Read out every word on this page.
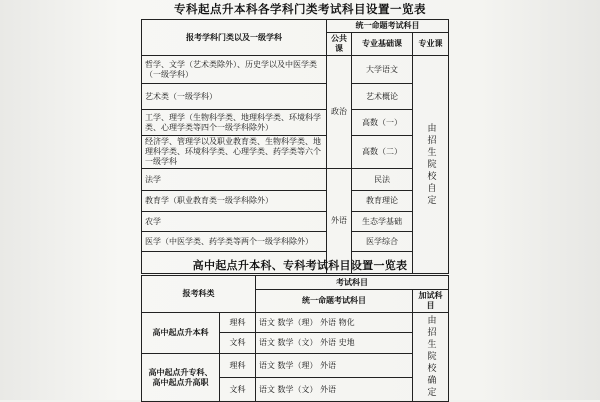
专科起点升本科各学科门类考试科目设置一览表
报考学科门类以及一级学科	统一命题考试科目		
	公共课	专业基础课	专业课
哲学、文学（艺术类除外）、历史学以及中医学类（一级学科）	政治	大学语文	由招生院校自定
艺术类（一级学科）		艺术概论	
工学、理学（生物科学类、地理科学类、环境科学类、心理学类等四个一级学科除外）		高数（一）	
经济学、管理学以及职业教育类、生物科学类、地理科学类、环境科学类、心理学类、药学类等六个一级学科		高数（二）	
法学	外语	民法	
教育学（职业教育类一级学科除外）		教育理论	
农学		生态学基础	
医学（中医学类、药学类等两个一级学科除外）		医学综合	

高中起点升本科、专科考试科目设置一览表
报考科类		考试科目	
		统一命题考试科目	加试科目
高中起点升本科	理科	语文 数学（理） 外语 物化	由招生院校确定
	文科	语文 数学（文） 外语 史地	
高中起点升专科、
高中起点升高职	理科	语文 数学（理） 外语	
	文科	语文 数学（文） 外语	
